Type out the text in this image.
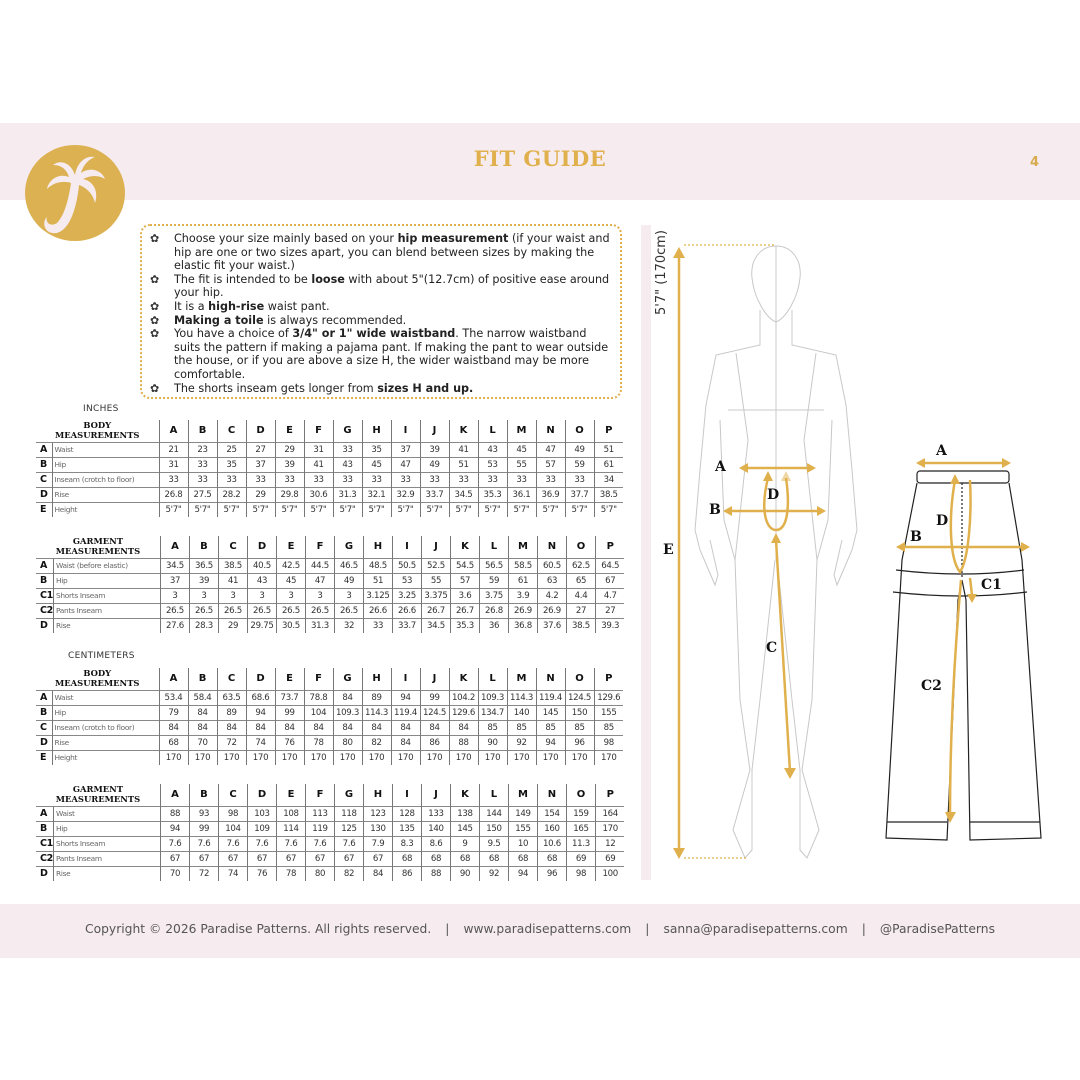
FIT GUIDE	4
✿	Choose your size mainly based on your hip measurement (if your waist and hip are one or two sizes apart, you can blend between sizes by making the elastic fit your waist.)
✿	The fit is intended to be loose with about 5"(12.7cm) of positive ease around your hip.
✿	It is a high-rise waist pant.
✿	Making a toile is always recommended.
✿	You have a choice of 3/4" or 1" wide waistband. The narrow waistband suits the pattern if making a pajama pant. If making the pant to wear outside the house, or if you are above a size H, the wider waistband may be more comfortable.
✿	The shorts inseam gets longer from sizes H and up.
INCHES
BODY
MEASUREMENTS		A	B	C	D	E	F	G	H	I	J	K	L	M	N	O	P
A	Waist	21	23	25	27	29	31	33	35	37	39	41	43	45	47	49	51
B	Hip	31	33	35	37	39	41	43	45	47	49	51	53	55	57	59	61
C	Inseam (crotch to floor)	33	33	33	33	33	33	33	33	33	33	33	33	33	33	33	34
D	Rise	26.8	27.5	28.2	29	29.8	30.6	31.3	32.1	32.9	33.7	34.5	35.3	36.1	36.9	37.7	38.5
E	Height	5'7"	5'7"	5'7"	5'7"	5'7"	5'7"	5'7"	5'7"	5'7"	5'7"	5'7"	5'7"	5'7"	5'7"	5'7"	5'7"
GARMENT
MEASUREMENTS		A	B	C	D	E	F	G	H	I	J	K	L	M	N	O	P
A	Waist (before elastic)	34.5	36.5	38.5	40.5	42.5	44.5	46.5	48.5	50.5	52.5	54.5	56.5	58.5	60.5	62.5	64.5
B	Hip	37	39	41	43	45	47	49	51	53	55	57	59	61	63	65	67
C1	Shorts Inseam	3	3	3	3	3	3	3	3.125	3.25	3.375	3.6	3.75	3.9	4.2	4.4	4.7
C2	Pants Inseam	26.5	26.5	26.5	26.5	26.5	26.5	26.5	26.6	26.6	26.7	26.7	26.8	26.9	26.9	27	27
D	Rise	27.6	28.3	29	29.75	30.5	31.3	32	33	33.7	34.5	35.3	36	36.8	37.6	38.5	39.3
CENTIMETERS
BODY
MEASUREMENTS		A	B	C	D	E	F	G	H	I	J	K	L	M	N	O	P
A	Waist	53.4	58.4	63.5	68.6	73.7	78.8	84	89	94	99	104.2	109.3	114.3	119.4	124.5	129.6
B	Hip	79	84	89	94	99	104	109.3	114.3	119.4	124.5	129.6	134.7	140	145	150	155
C	Inseam (crotch to floor)	84	84	84	84	84	84	84	84	84	84	84	85	85	85	85	85
D	Rise	68	70	72	74	76	78	80	82	84	86	88	90	92	94	96	98
E	Height	170	170	170	170	170	170	170	170	170	170	170	170	170	170	170	170
GARMENT
MEASUREMENTS		A	B	C	D	E	F	G	H	I	J	K	L	M	N	O	P
A	Waist	88	93	98	103	108	113	118	123	128	133	138	144	149	154	159	164
B	Hip	94	99	104	109	114	119	125	130	135	140	145	150	155	160	165	170
C1	Shorts Inseam	7.6	7.6	7.6	7.6	7.6	7.6	7.6	7.9	8.3	8.6	9	9.5	10	10.6	11.3	12
C2	Pants Inseam	67	67	67	67	67	67	67	67	68	68	68	68	68	68	69	69
D	Rise	70	72	74	76	78	80	82	84	86	88	90	92	94	96	98	100
5'7" (170cm)
A
B
C
D
E
A
B
C1
C2
D
Copyright © 2026 Paradise Patterns. All rights reserved. | www.paradisepatterns.com | sanna@paradisepatterns.com | @ParadisePatterns
